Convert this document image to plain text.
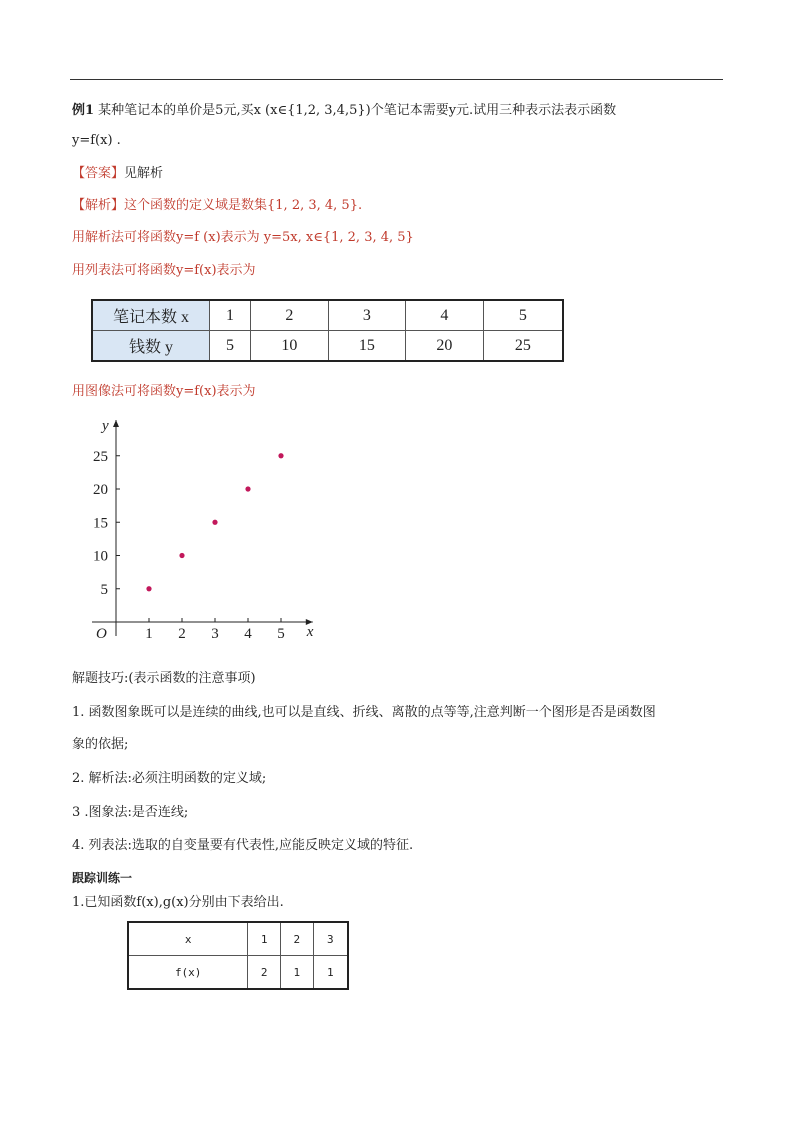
例1 某种笔记本的单价是5元,买x (x∈{1,2, 3,4,5})个笔记本需要y元.试用三种表示法表示函数
y=f(x) .
【答案】见解析
【解析】这个函数的定义域是数集{1, 2, 3, 4, 5}.
用解析法可将函数y=f (x)表示为 y=5x, x∈{1, 2, 3, 4, 5}
用列表法可将函数y=f(x)表示为
笔记本数 x	1	2	3	4	5
钱数 y	5	10	15	20	25
用图像法可将函数y=f(x)表示为
x
y
O	1 2 3 4 5
5
10
15
20
25
解题技巧:(表示函数的注意事项)
1. 函数图象既可以是连续的曲线,也可以是直线、折线、离散的点等等,注意判断一个图形是否是函数图
象的依据;
2. 解析法:必须注明函数的定义域;
3 .图象法:是否连线;
4. 列表法:选取的自变量要有代表性,应能反映定义域的特征.
跟踪训练一
1.已知函数f(x),g(x)分别由下表给出.
x	1	2	3
f(x)	2	1	1
